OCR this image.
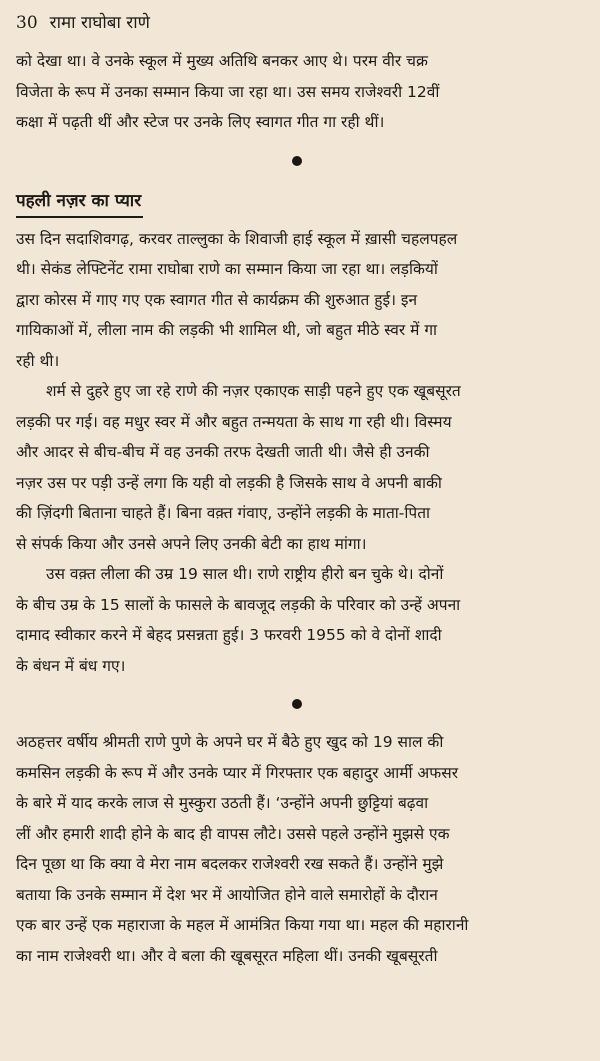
30 रामा राघोबा राणे

को देखा था। वे उनके स्कूल में मुख्य अतिथि बनकर आए थे। परम वीर चक्र
विजेता के रूप में उनका सम्मान किया जा रहा था। उस समय राजेश्वरी 12वीं
कक्षा में पढ़ती थीं और स्टेज पर उनके लिए स्वागत गीत गा रही थीं।

पहली नज़र का प्यार

उस दिन सदाशिवगढ़, करवर ताल्लुका के शिवाजी हाई स्कूल में ख़ासी चहलपहल
थी। सेकंड लेफ्टिनेंट रामा राघोबा राणे का सम्मान किया जा रहा था। लड़कियों
द्वारा कोरस में गाए गए एक स्वागत गीत से कार्यक्रम की शुरुआत हुई। इन
गायिकाओं में, लीला नाम की लड़की भी शामिल थी, जो बहुत मीठे स्वर में गा
रही थी।

शर्म से दुहरे हुए जा रहे राणे की नज़र एकाएक साड़ी पहने हुए एक खूबसूरत
लड़की पर गई। वह मधुर स्वर में और बहुत तन्मयता के साथ गा रही थी। विस्मय
और आदर से बीच-बीच में वह उनकी तरफ देखती जाती थी। जैसे ही उनकी
नज़र उस पर पड़ी उन्हें लगा कि यही वो लड़की है जिसके साथ वे अपनी बाकी
की ज़िंदगी बिताना चाहते हैं। बिना वक़्त गंवाए, उन्होंने लड़की के माता-पिता
से संपर्क किया और उनसे अपने लिए उनकी बेटी का हाथ मांगा।

उस वक़्त लीला की उम्र 19 साल थी। राणे राष्ट्रीय हीरो बन चुके थे। दोनों
के बीच उम्र के 15 सालों के फासले के बावजूद लड़की के परिवार को उन्हें अपना
दामाद स्वीकार करने में बेहद प्रसन्नता हुई। 3 फरवरी 1955 को वे दोनों शादी
के बंधन में बंध गए।

अठहत्तर वर्षीय श्रीमती राणे पुणे के अपने घर में बैठे हुए खुद को 19 साल की
कमसिन लड़की के रूप में और उनके प्यार में गिरफ्तार एक बहादुर आर्मी अफसर
के बारे में याद करके लाज से मुस्कुरा उठती हैं। ‘उन्होंने अपनी छुट्टियां बढ़वा
लीं और हमारी शादी होने के बाद ही वापस लौटे। उससे पहले उन्होंने मुझसे एक
दिन पूछा था कि क्या वे मेरा नाम बदलकर राजेश्वरी रख सकते हैं। उन्होंने मुझे
बताया कि उनके सम्मान में देश भर में आयोजित होने वाले समारोहों के दौरान
एक बार उन्हें एक महाराजा के महल में आमंत्रित किया गया था। महल की महारानी
का नाम राजेश्वरी था। और वे बला की खूबसूरत महिला थीं। उनकी खूबसूरती
